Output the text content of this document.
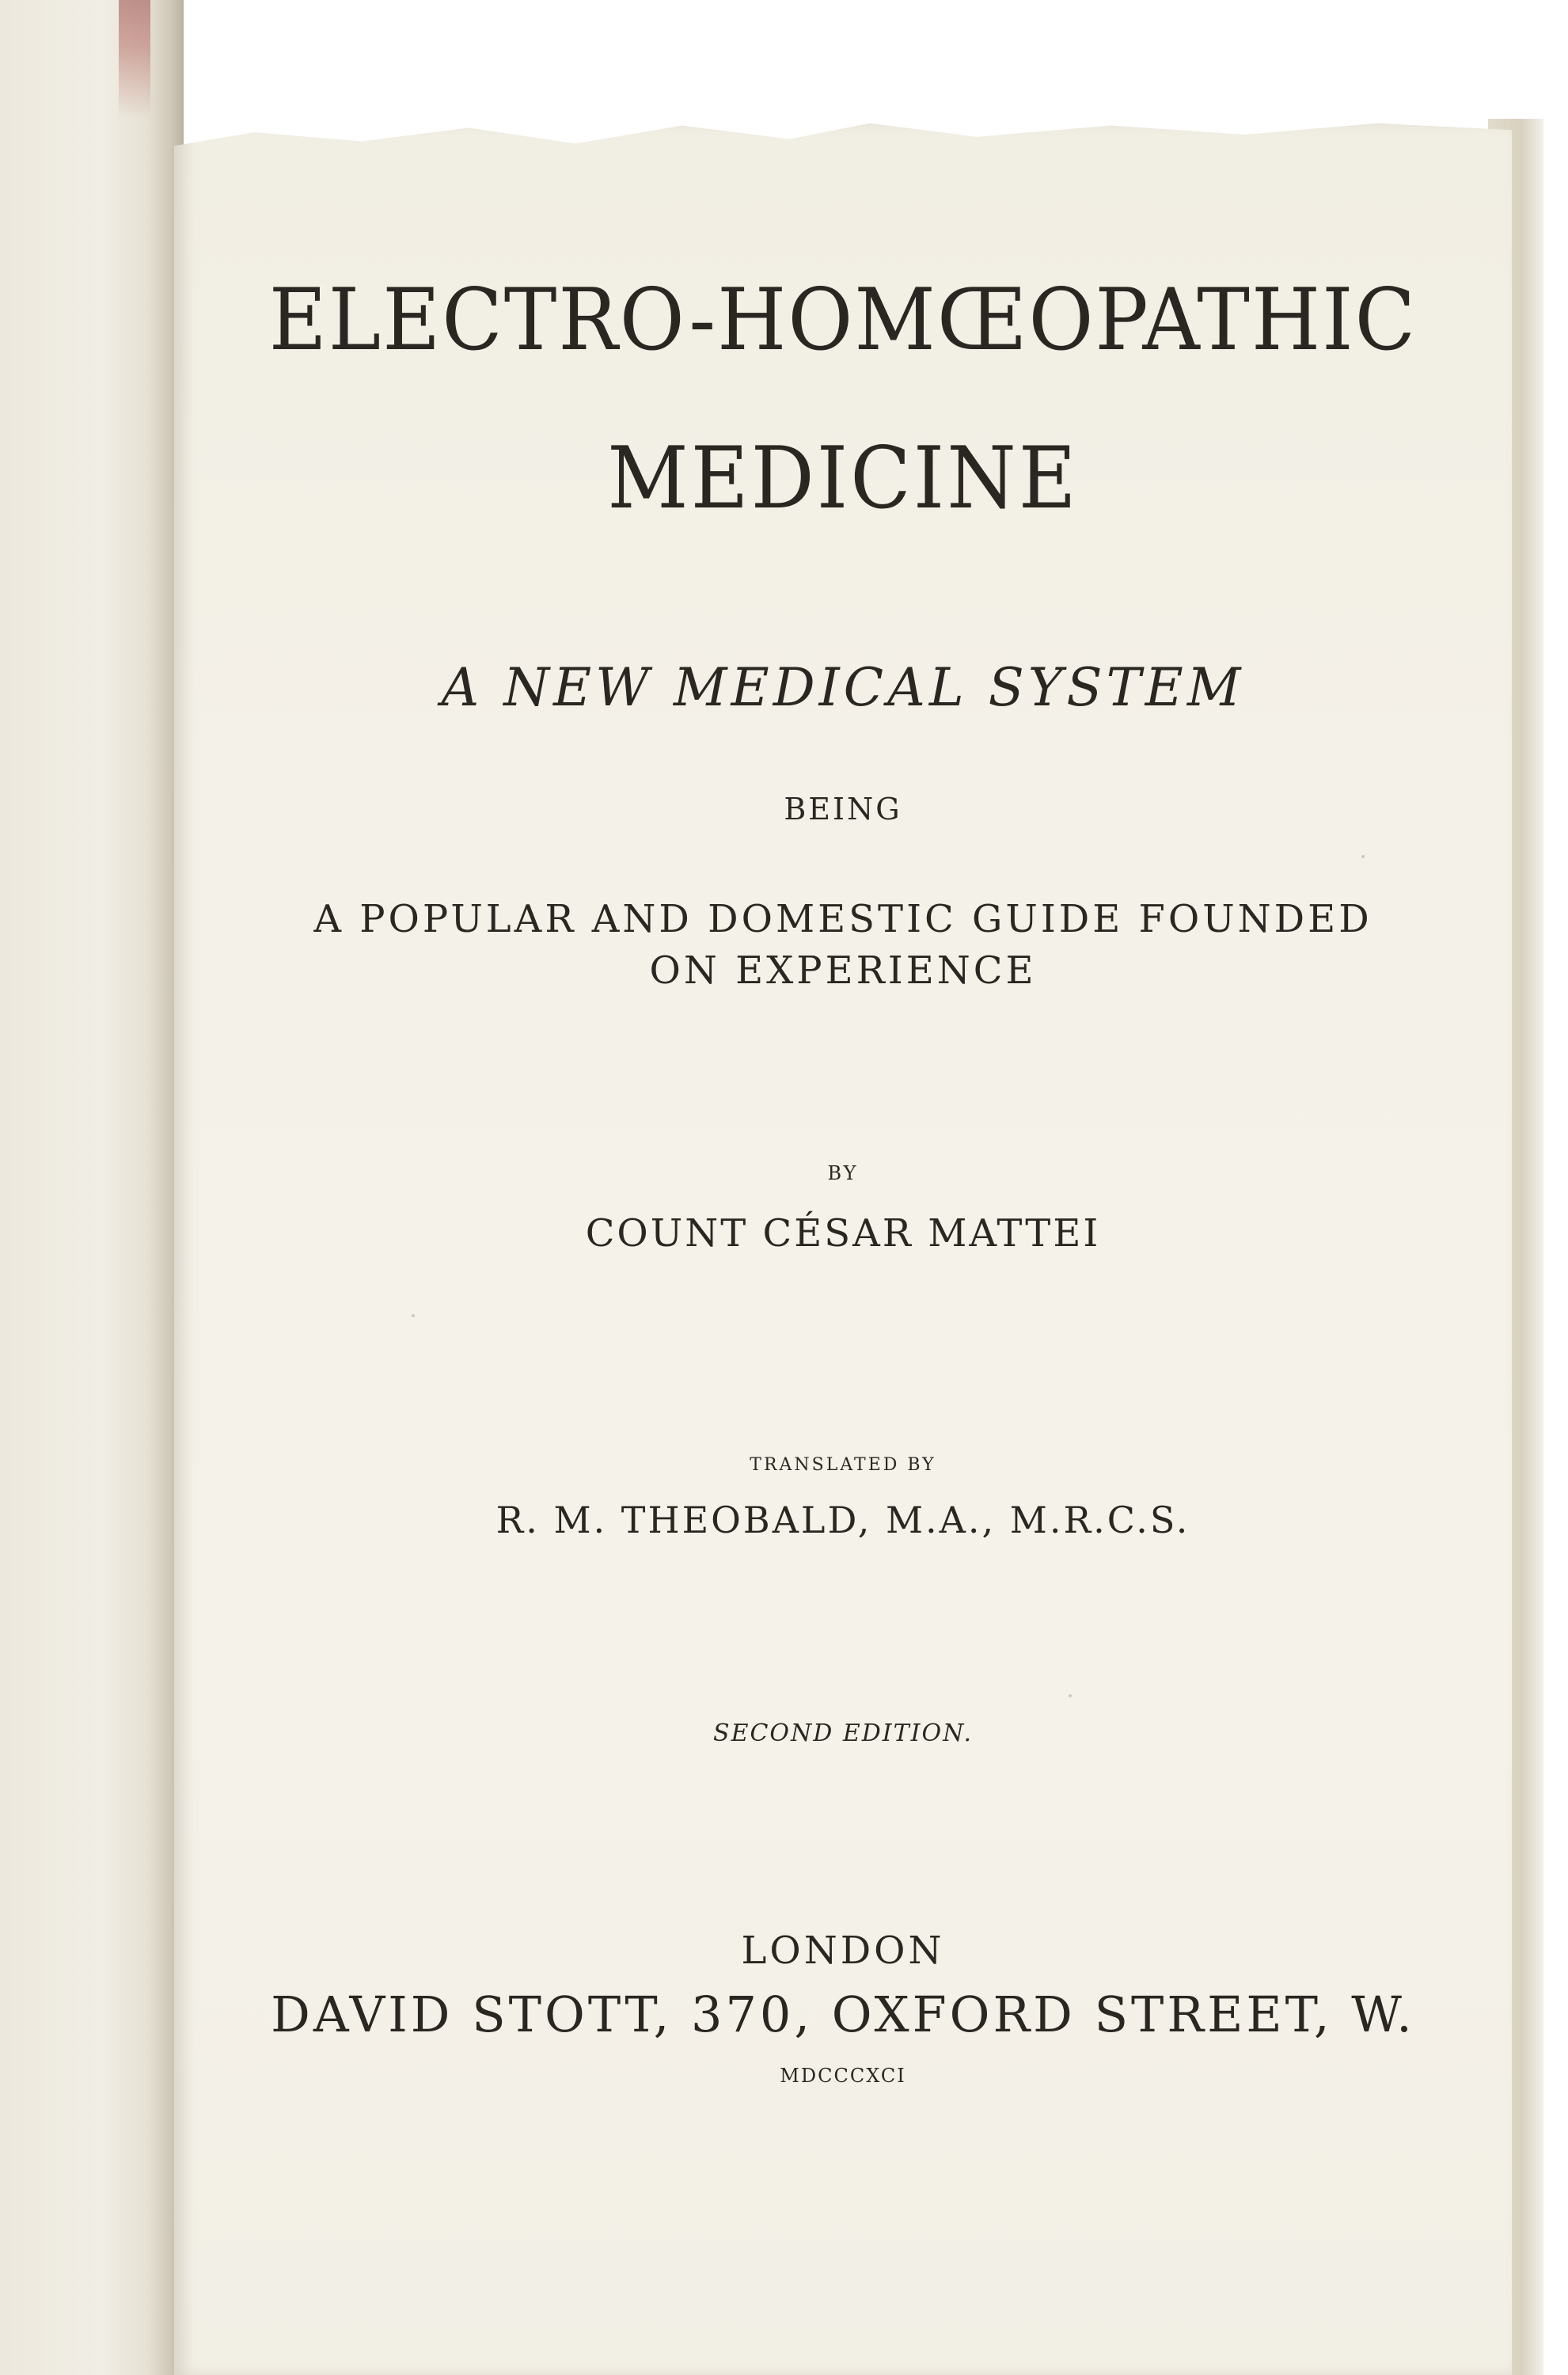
ELECTRO-HOMŒOPATHIC
MEDICINE
A NEW MEDICAL SYSTEM
BEING
A POPULAR AND DOMESTIC GUIDE FOUNDED
ON EXPERIENCE
BY
COUNT CÉSAR MATTEI
TRANSLATED BY
R. M. THEOBALD, M.A., M.R.C.S.
SECOND EDITION.
LONDON
DAVID STOTT, 370, OXFORD STREET, W.
MDCCCXCI
